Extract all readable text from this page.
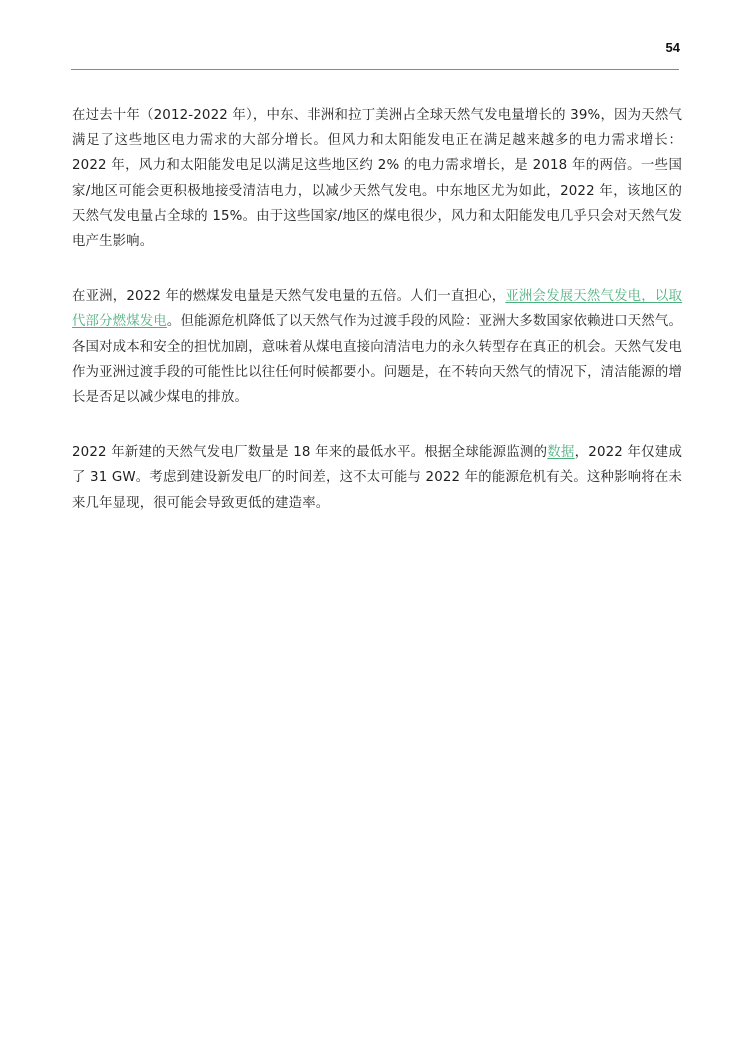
54

在过去十年（2012-2022 年），中东、非洲和拉丁美洲占全球天然气发电量增长的 39%，因为天然气满足了这些地区电力需求的大部分增长。但风力和太阳能发电正在满足越来越多的电力需求增长：2022 年，风力和太阳能发电足以满足这些地区约 2% 的电力需求增长，是 2018 年的两倍。一些国家/地区可能会更积极地接受清洁电力，以减少天然气发电。中东地区尤为如此，2022 年，该地区的天然气发电量占全球的 15%。由于这些国家/地区的煤电很少，风力和太阳能发电几乎只会对天然气发电产生影响。

在亚洲，2022 年的燃煤发电量是天然气发电量的五倍。人们一直担心，亚洲会发展天然气发电，以取代部分燃煤发电。但能源危机降低了以天然气作为过渡手段的风险：亚洲大多数国家依赖进口天然气。各国对成本和安全的担忧加剧，意味着从煤电直接向清洁电力的永久转型存在真正的机会。天然气发电作为亚洲过渡手段的可能性比以往任何时候都要小。问题是，在不转向天然气的情况下，清洁能源的增长是否足以减少煤电的排放。

2022 年新建的天然气发电厂数量是 18 年来的最低水平。根据全球能源监测的数据，2022 年仅建成了 31 GW。考虑到建设新发电厂的时间差，这不太可能与 2022 年的能源危机有关。这种影响将在未来几年显现，很可能会导致更低的建造率。
